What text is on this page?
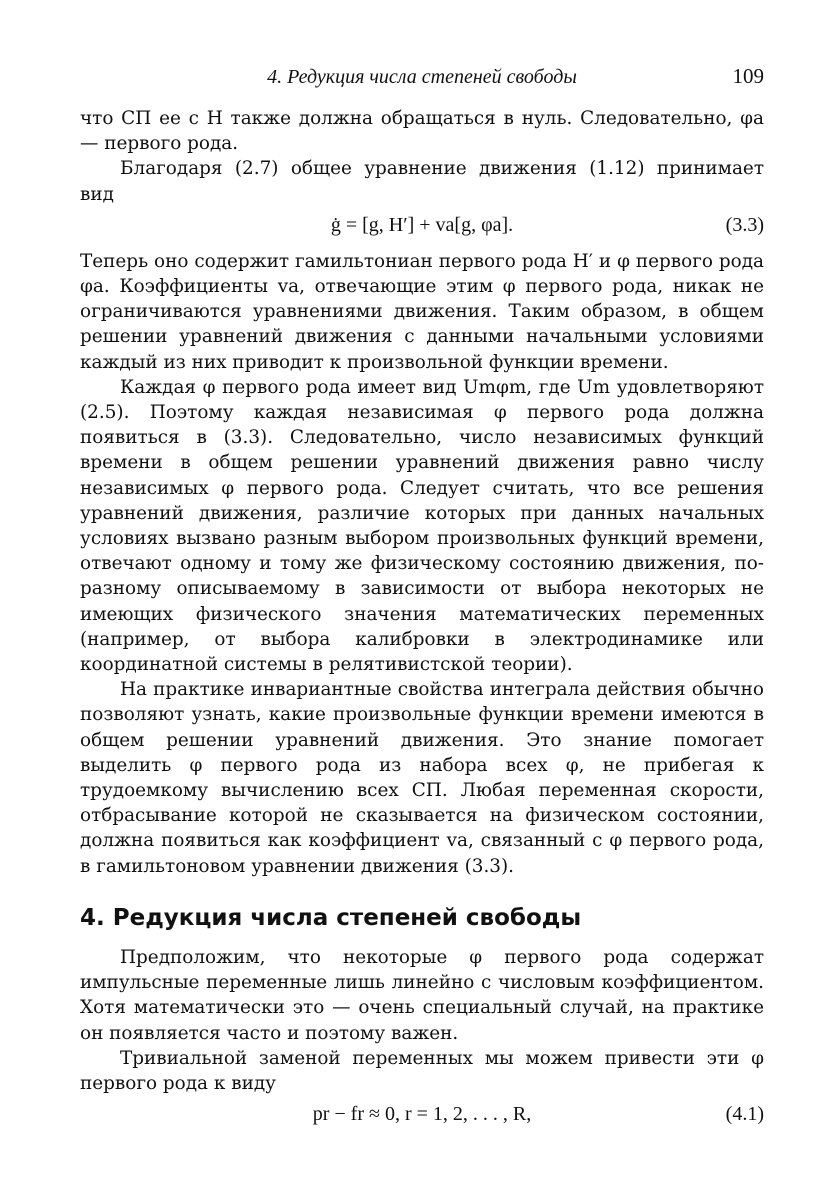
4. Редукция числа степеней свободы	109

что СП ее с H также должна обращаться в нуль. Следовательно, φa — первого рода.

Благодаря (2.7) общее уравнение движения (1.12) принимает вид

ġ = [g, H′] + va[g, φa].	(3.3)

Теперь оно содержит гамильтониан первого рода H′ и φ первого рода φa. Коэффициенты va, отвечающие этим φ первого рода, никак не ограничиваются уравнениями движения. Таким образом, в общем решении уравнений движения с данными начальными условиями каждый из них приводит к произвольной функции времени.

Каждая φ первого рода имеет вид Umφm, где Um удовлетворяют (2.5). Поэтому каждая независимая φ первого рода должна появиться в (3.3). Следовательно, число независимых функций времени в общем решении уравнений движения равно числу независимых φ первого рода. Следует считать, что все решения уравнений движения, различие которых при данных начальных условиях вызвано разным выбором произвольных функций времени, отвечают одному и тому же физическому состоянию движения, по-разному описываемому в зависимости от выбора некоторых не имеющих физического значения математических переменных (например, от выбора калибровки в электродинамике или координатной системы в релятивистской теории).

На практике инвариантные свойства интеграла действия обычно позволяют узнать, какие произвольные функции времени имеются в общем решении уравнений движения. Это знание помогает выделить φ первого рода из набора всех φ, не прибегая к трудоемкому вычислению всех СП. Любая переменная скорости, отбрасывание которой не сказывается на физическом состоянии, должна появиться как коэффициент va, связанный с φ первого рода, в гамильтоновом уравнении движения (3.3).

4. Редукция числа степеней свободы

Предположим, что некоторые φ первого рода содержат импульсные переменные лишь линейно с числовым коэффициентом. Хотя математически это — очень специальный случай, на практике он появляется часто и поэтому важен.

Тривиальной заменой переменных мы можем привести эти φ первого рода к виду

pr − fr ≈ 0, r = 1, 2, . . . , R,	(4.1)
